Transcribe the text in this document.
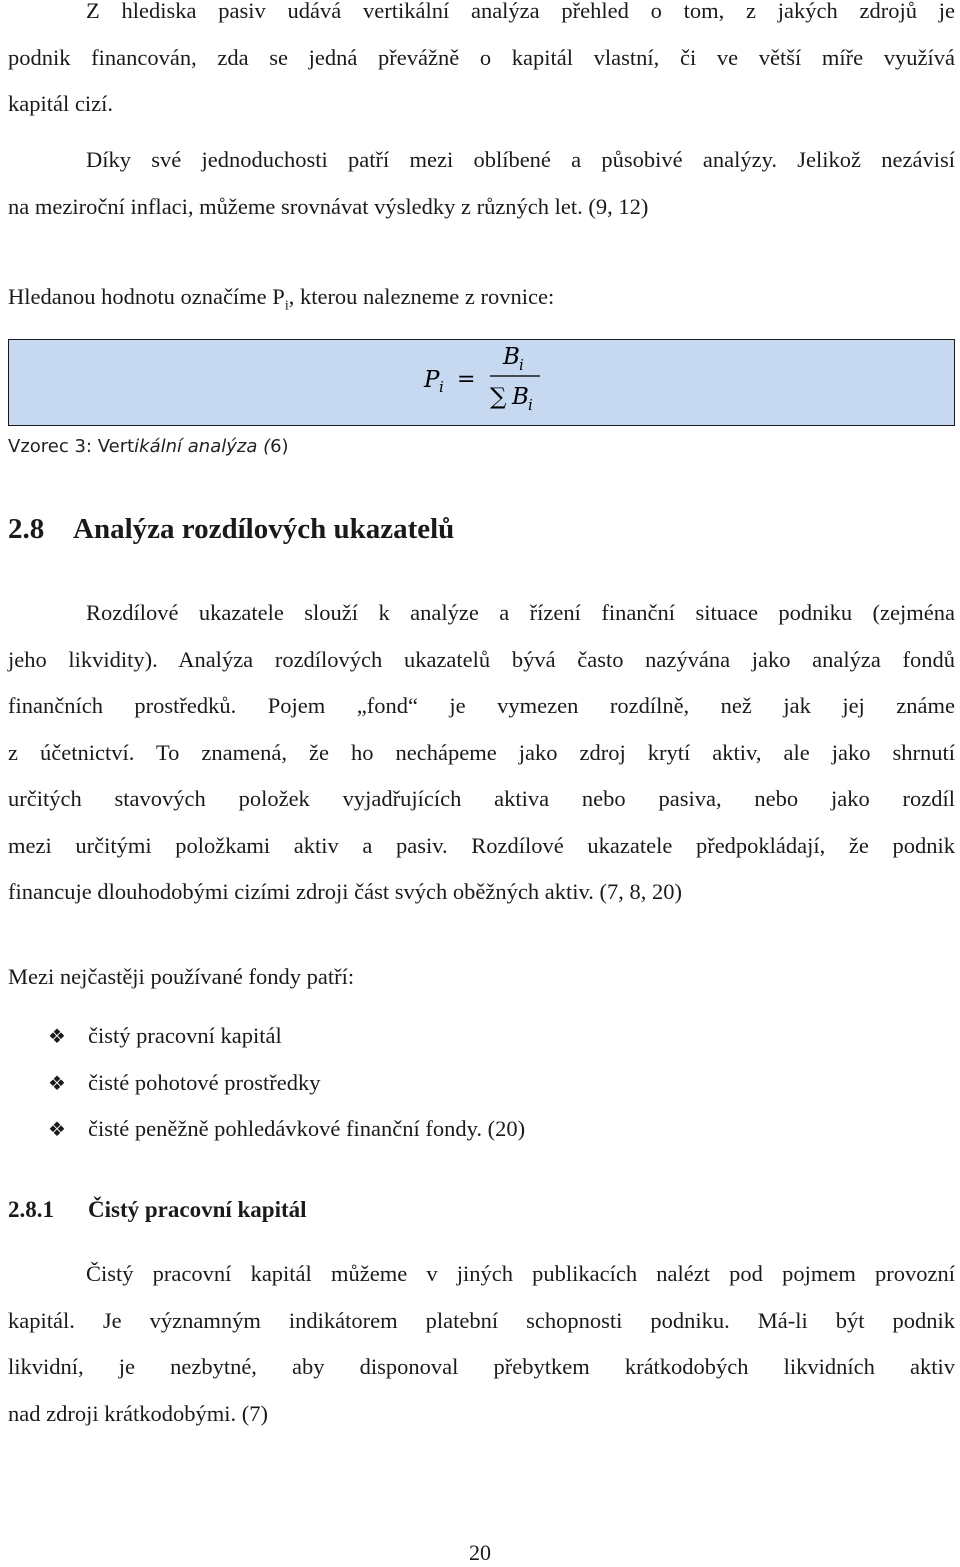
Z hlediska pasiv udává vertikální analýza přehled o tom, z jakých zdrojů je
podnik financován, zda se jedná převážně o kapitál vlastní, či ve větší míře využívá
kapitál cizí.
Díky své jednoduchosti patří mezi oblíbené a působivé analýzy. Jelikož nezávisí
na meziroční inflaci, můžeme srovnávat výsledky z různých let. (9, 12)
Hledanou hodnotu označíme $P_i$, kterou nalezneme z rovnice:
P i =
B i
∑ B i
Vzorec 3: Vertikální analýza (6)
2.8 Analýza rozdílových ukazatelů
Rozdílové ukazatele slouží k analýze a řízení finanční situace podniku (zejména
jeho likvidity). Analýza rozdílových ukazatelů bývá často nazývána jako analýza fondů
finančních prostředků. Pojem „fond“ je vymezen rozdílně, než jak jej známe
z účetnictví. To znamená, že ho nechápeme jako zdroj krytí aktiv, ale jako shrnutí
určitých stavových položek vyjadřujících aktiva nebo pasiva, nebo jako rozdíl
mezi určitými položkami aktiv a pasiv. Rozdílové ukazatele předpokládají, že podnik
financuje dlouhodobými cizími zdroji část svých oběžných aktiv. (7, 8, 20)
Mezi nejčastěji používané fondy patří:
❖ čistý pracovní kapitál
❖ čisté pohotové prostředky
❖ čisté peněžně pohledávkové finanční fondy. (20)
2.8.1 Čistý pracovní kapitál
Čistý pracovní kapitál můžeme v jiných publikacích nalézt pod pojmem provozní
kapitál. Je významným indikátorem platební schopnosti podniku. Má-li být podnik
likvidní, je nezbytné, aby disponoval přebytkem krátkodobých likvidních aktiv
nad zdroji krátkodobými. (7)
20
